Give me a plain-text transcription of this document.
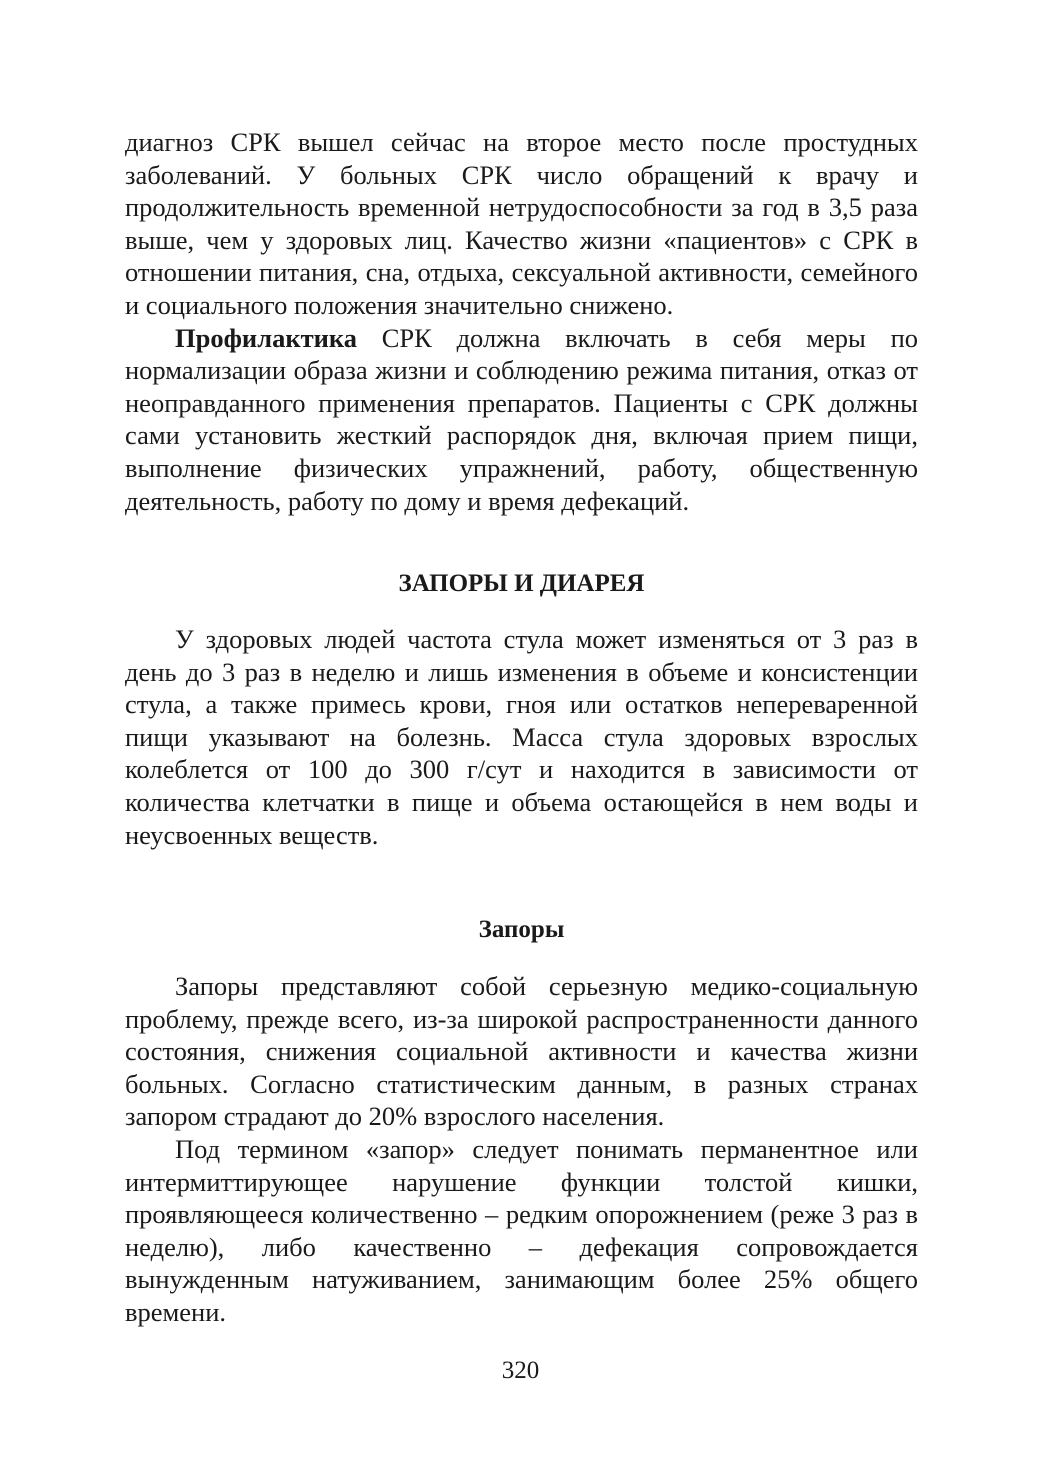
диагноз СРК вышел сейчас на второе место после простудных заболеваний. У больных СРК число обращений к врачу и продолжительность временной нетрудоспособности за год в 3,5 раза выше, чем у здоровых лиц. Качество жизни «пациентов» с СРК в отношении питания, сна, отдыха, сексуальной активности, семейного и социального положения значительно снижено.

Профилактика СРК должна включать в себя меры по нормализации образа жизни и соблюдению режима питания, отказ от неоправданного применения препаратов. Пациенты с СРК должны сами установить жесткий распорядок дня, включая прием пищи, выполнение физических упражнений, работу, общественную деятельность, работу по дому и время дефекаций.

ЗАПОРЫ И ДИАРЕЯ

У здоровых людей частота стула может изменяться от 3 раз в день до 3 раз в неделю и лишь изменения в объеме и консистенции стула, а также примесь крови, гноя или остатков непереваренной пищи указывают на болезнь. Масса стула здоровых взрослых колеблется от 100 до 300 г/сут и находится в зависимости от количества клетчатки в пище и объема остающейся в нем воды и неусвоенных веществ.

Запоры

Запоры представляют собой серьезную медико-социальную проблему, прежде всего, из-за широкой распространенности данного состояния, снижения социальной активности и качества жизни больных. Согласно статистическим данным, в разных странах запором страдают до 20% взрослого населения.

Под термином «запор» следует понимать перманентное или интермиттирующее нарушение функции толстой кишки, проявляющееся количественно – редким опорожнением (реже 3 раз в неделю), либо качественно – дефекация сопровождается вынужденным натуживанием, занимающим более 25% общего времени.

320
